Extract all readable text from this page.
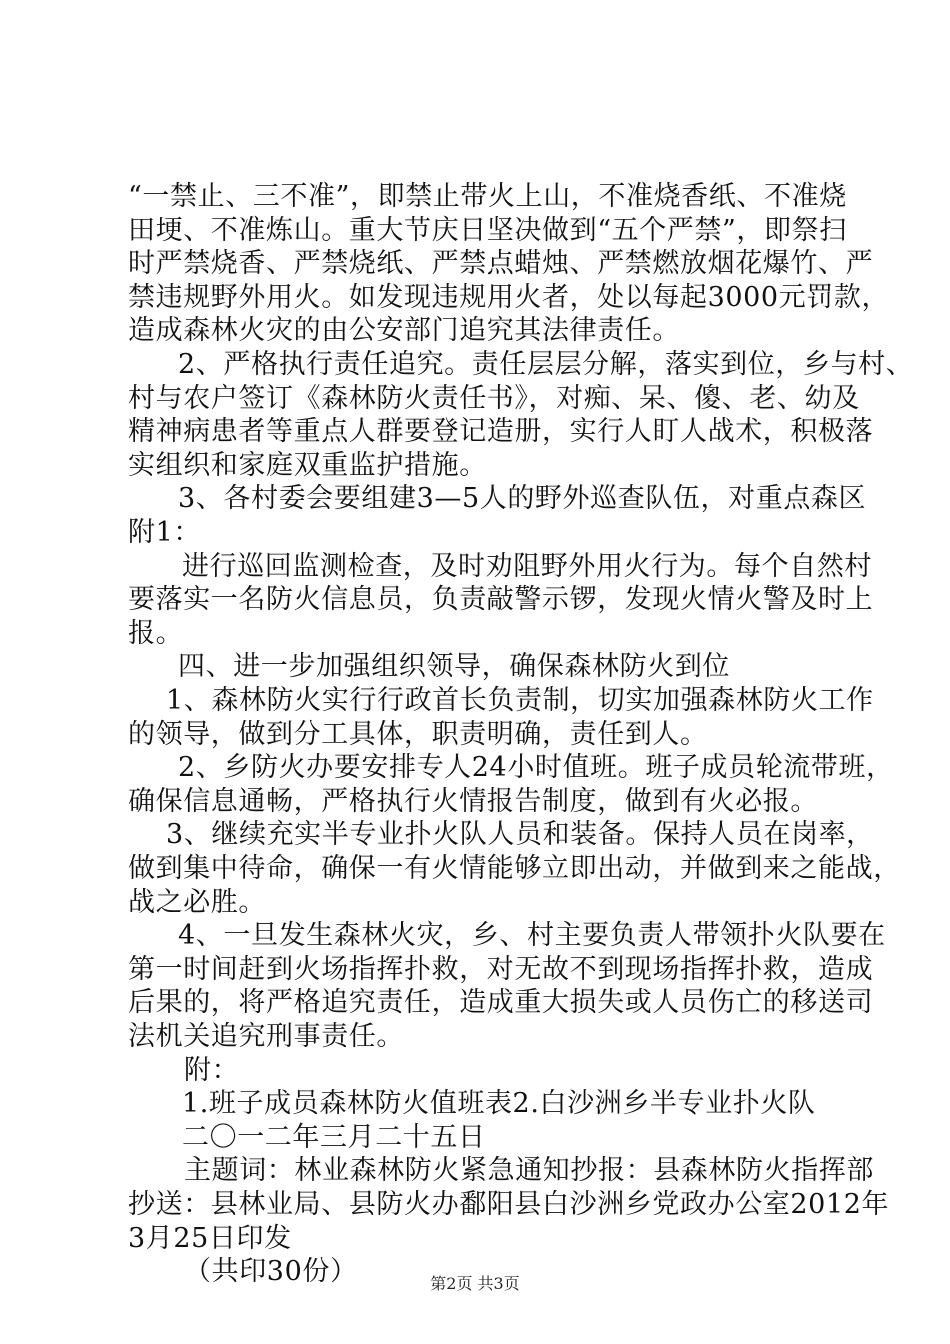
“一禁止、三不准”，即禁止带火上山，不准烧香纸、不准烧
田埂、不准炼山。重大节庆日坚决做到“五个严禁”，即祭扫
时严禁烧香、严禁烧纸、严禁点蜡烛、严禁燃放烟花爆竹、严
禁违规野外用火。如发现违规用火者，处以每起3000元罚款，
造成森林火灾的由公安部门追究其法律责任。
2、严格执行责任追究。责任层层分解，落实到位，乡与村、
村与农户签订《森林防火责任书》，对痴、呆、傻、老、幼及
精神病患者等重点人群要登记造册，实行人盯人战术，积极落
实组织和家庭双重监护措施。
3、各村委会要组建3—5人的野外巡查队伍，对重点森区
附1：
进行巡回监测检查，及时劝阻野外用火行为。每个自然村
要落实一名防火信息员，负责敲警示锣，发现火情火警及时上
报。
四、进一步加强组织领导，确保森林防火到位
1、森林防火实行行政首长负责制，切实加强森林防火工作
的领导，做到分工具体，职责明确，责任到人。
2、乡防火办要安排专人24小时值班。班子成员轮流带班，
确保信息通畅，严格执行火情报告制度，做到有火必报。
3、继续充实半专业扑火队人员和装备。保持人员在岗率，
做到集中待命，确保一有火情能够立即出动，并做到来之能战，
战之必胜。
4、一旦发生森林火灾，乡、村主要负责人带领扑火队要在
第一时间赶到火场指挥扑救，对无故不到现场指挥扑救，造成
后果的，将严格追究责任，造成重大损失或人员伤亡的移送司
法机关追究刑事责任。
附：
1.班子成员森林防火值班表2.白沙洲乡半专业扑火队
二〇一二年三月二十五日
主题词：林业森林防火紧急通知抄报：县森林防火指挥部
抄送：县林业局、县防火办鄱阳县白沙洲乡党政办公室2012年
3月25日印发
（共印30份）	第2页 共3页
